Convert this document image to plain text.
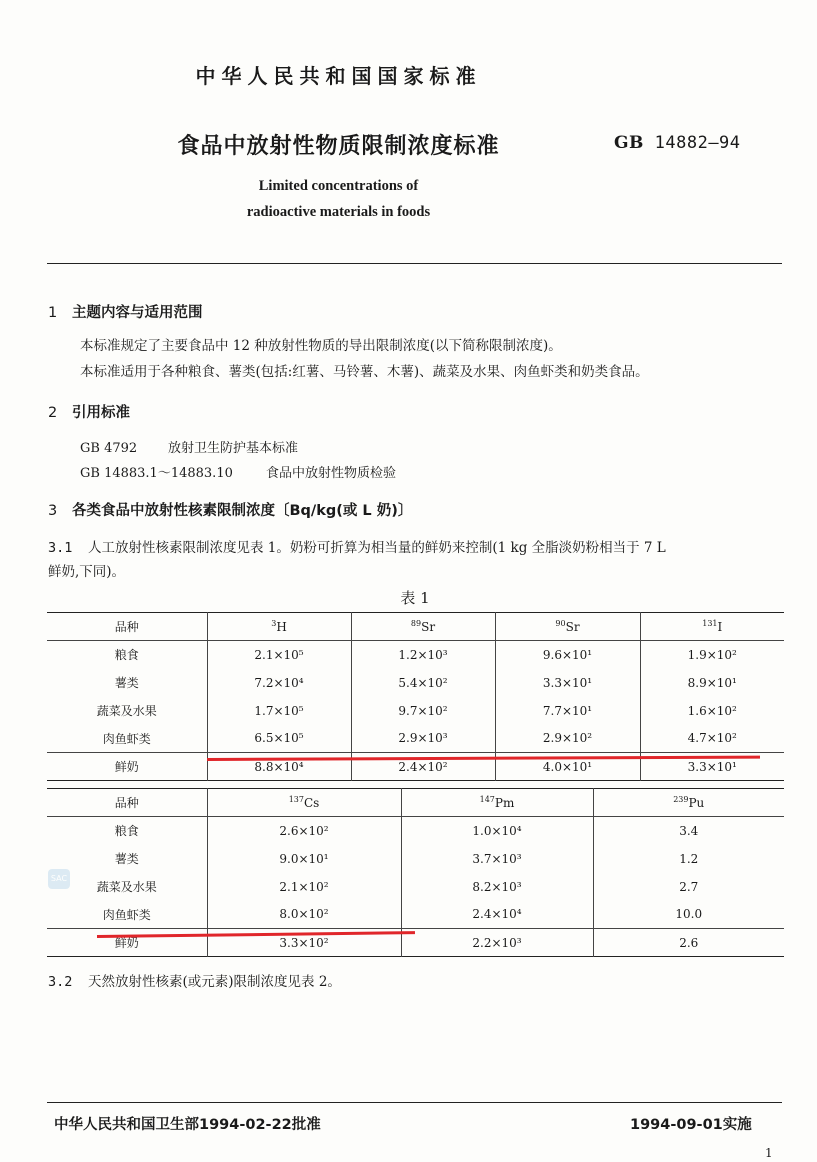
中华人民共和国国家标准
食品中放射性物质限制浓度标准	GB 14882—94
Limited concentrations of
radioactive materials in foods
1 主题内容与适用范围
本标准规定了主要食品中 12 种放射性物质的导出限制浓度(以下简称限制浓度)。
本标准适用于各种粮食、薯类(包括:红薯、马铃薯、木薯)、蔬菜及水果、肉鱼虾类和奶类食品。
2 引用标准
GB 4792 放射卫生防护基本标准
GB 14883.1～14883.10	食品中放射性物质检验
3 各类食品中放射性核素限制浓度〔Bq/kg(或 L 奶)〕
3.1 人工放射性核素限制浓度见表 1。奶粉可折算为相当量的鲜奶来控制(1 kg 全脂淡奶粉相当于 7 L
鲜奶,下同)。
表 1
品种	$^3$H	$^{89}$Sr	$^{90}$Sr	$^{131}$I
粮食	2.1×10⁵	1.2×10³	9.6×10¹	1.9×10²
薯类	7.2×10⁴	5.4×10²	3.3×10¹	8.9×10¹
蔬菜及水果	1.7×10⁵	9.7×10²	7.7×10¹	1.6×10²
肉鱼虾类	6.5×10⁵	2.9×10³	2.9×10²	4.7×10²
鲜奶	8.8×10⁴	2.4×10²	4.0×10¹	3.3×10¹
品种	$^{137}$Cs	$^{147}$Pm	$^{239}$Pu
粮食	2.6×10²	1.0×10⁴	3.4
薯类	9.0×10¹	3.7×10³	1.2
蔬菜及水果	2.1×10²	8.2×10³	2.7
肉鱼虾类	8.0×10²	2.4×10⁴	10.0
鲜奶	3.3×10²	2.2×10³	2.6
SAC
3.2 天然放射性核素(或元素)限制浓度见表 2。
中华人民共和国卫生部1994-02-22批准	1994-09-01实施
1
